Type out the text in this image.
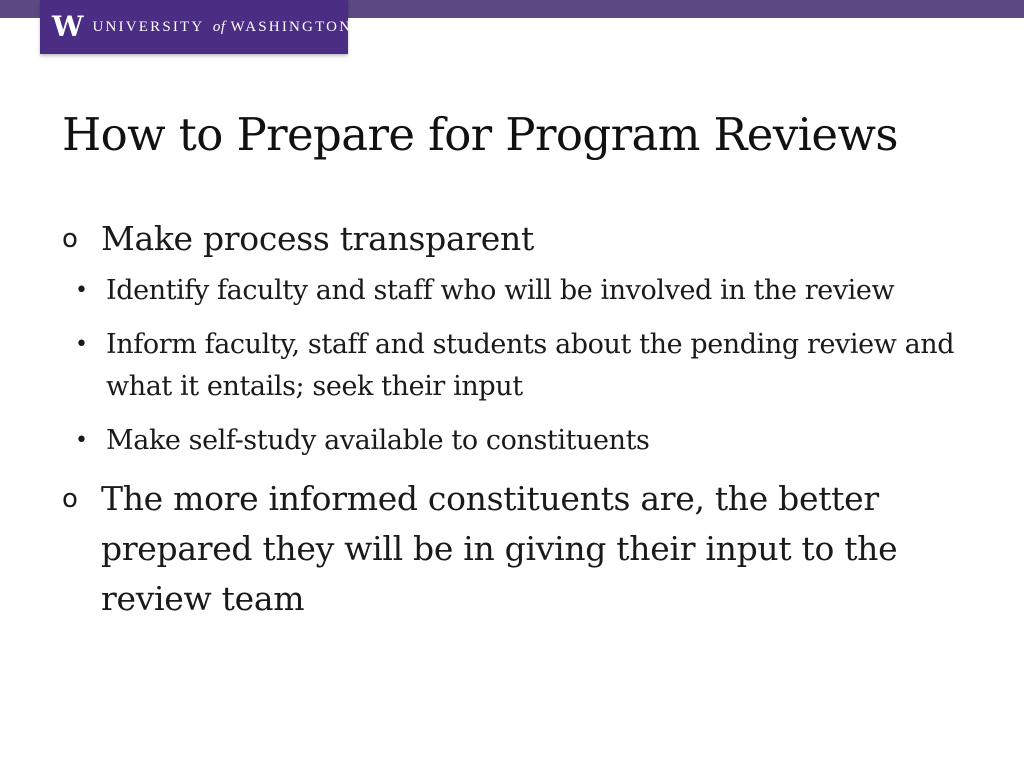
W UNIVERSITY of WASHINGTON
How to Prepare for Program Reviews
o Make process transparent
• Identify faculty and staff who will be involved in the review
• Inform faculty, staff and students about the pending review and what it entails; seek their input
• Make self-study available to constituents
o The more informed constituents are, the better prepared they will be in giving their input to the review team
